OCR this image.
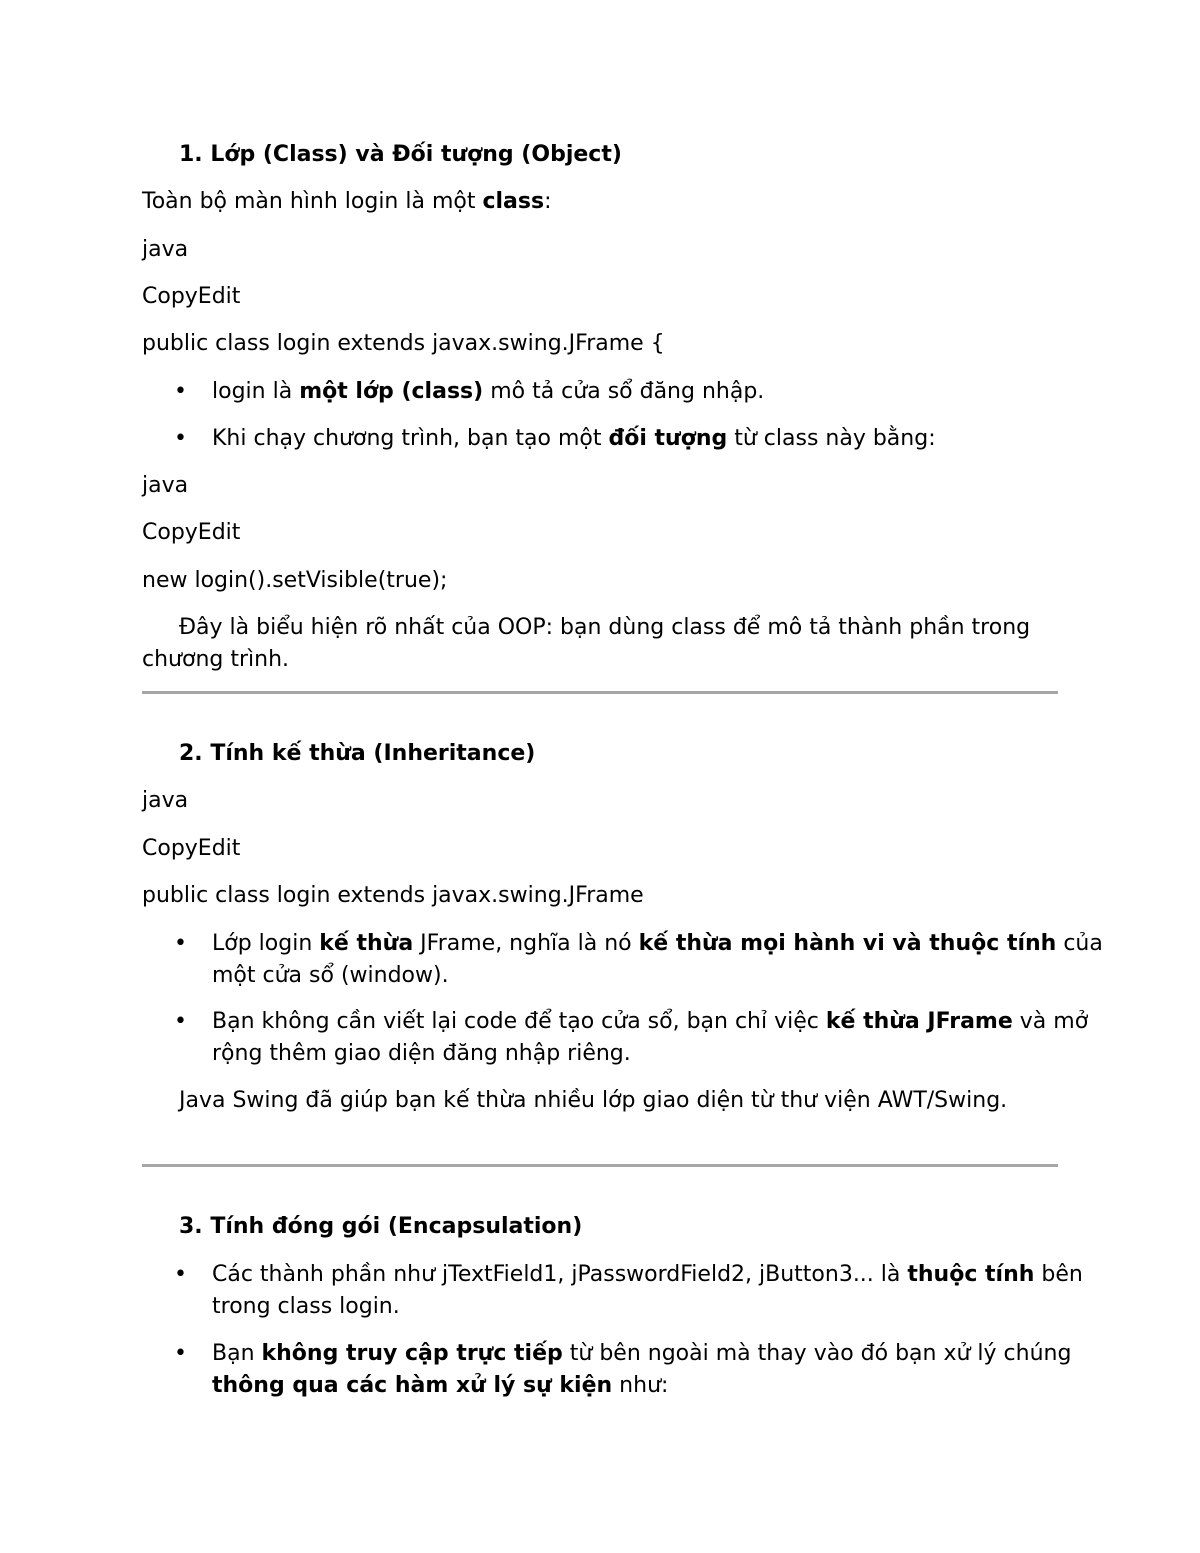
1. Lớp (Class) và Đối tượng (Object)

Toàn bộ màn hình login là một class:

java

CopyEdit

public class login extends javax.swing.JFrame {

• login là một lớp (class) mô tả cửa sổ đăng nhập.

• Khi chạy chương trình, bạn tạo một đối tượng từ class này bằng:

java

CopyEdit

new login().setVisible(true);

Đây là biểu hiện rõ nhất của OOP: bạn dùng class để mô tả thành phần trong chương trình.

2. Tính kế thừa (Inheritance)

java

CopyEdit

public class login extends javax.swing.JFrame

• Lớp login kế thừa JFrame, nghĩa là nó kế thừa mọi hành vi và thuộc tính của một cửa sổ (window).

• Bạn không cần viết lại code để tạo cửa sổ, bạn chỉ việc kế thừa JFrame và mở rộng thêm giao diện đăng nhập riêng.

Java Swing đã giúp bạn kế thừa nhiều lớp giao diện từ thư viện AWT/Swing.

3. Tính đóng gói (Encapsulation)

• Các thành phần như jTextField1, jPasswordField2, jButton3... là thuộc tính bên trong class login.

• Bạn không truy cập trực tiếp từ bên ngoài mà thay vào đó bạn xử lý chúng thông qua các hàm xử lý sự kiện như:
